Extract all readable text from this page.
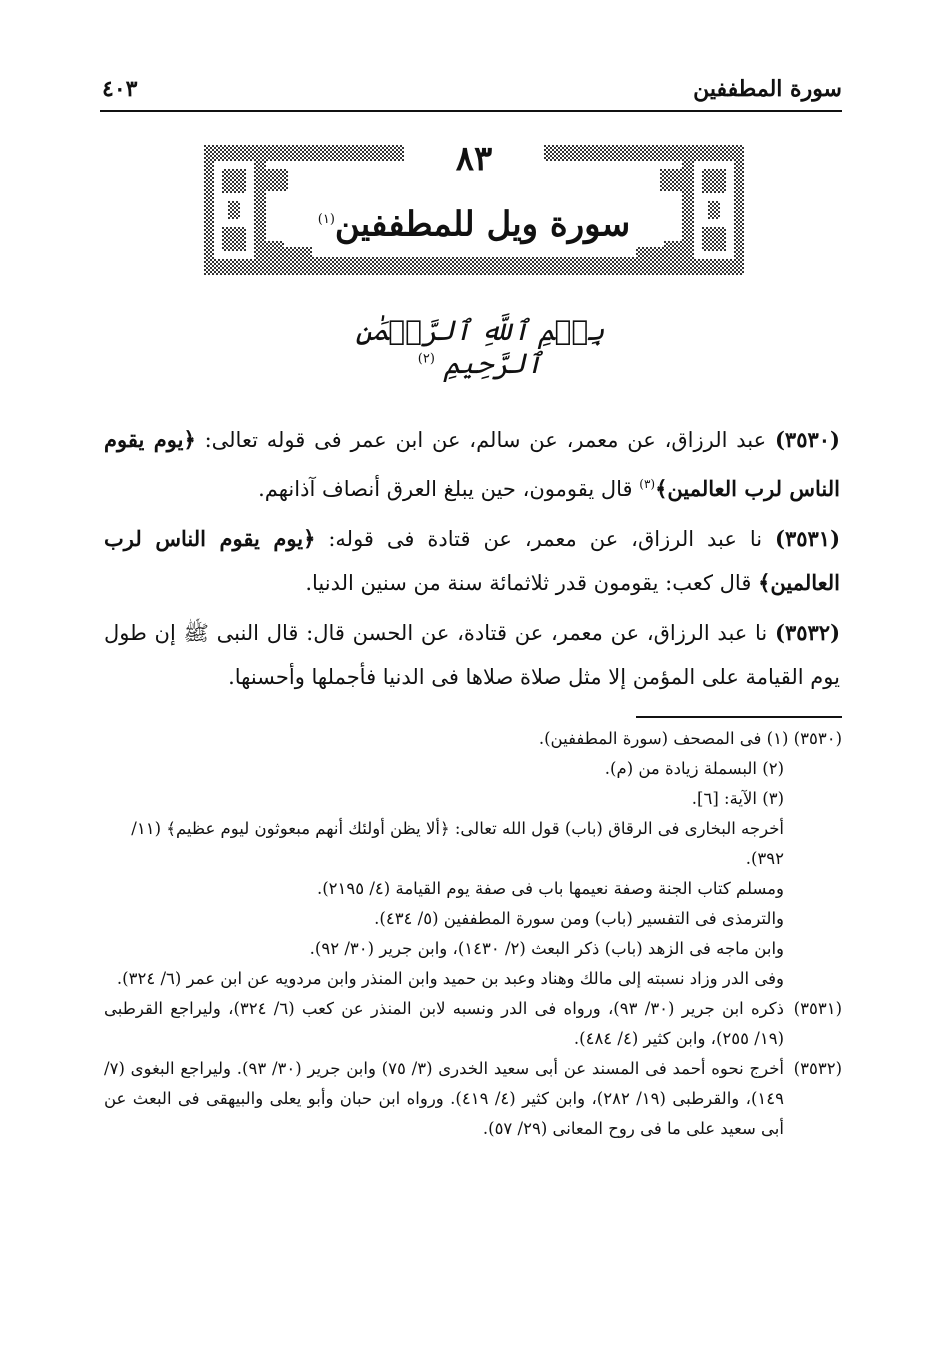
سورة المطففين
٤٠٣
٨٣
سورة ويل للمطففين$^{(١)}$
بِسۡمِ ٱللَّهِ ٱلرَّحۡمَٰنِ ٱلرَّحِيمِ $^{(٢)}$

(٣٥٣٠) عبد الرزاق، عن معمر، عن سالم، عن ابن عمر فى قوله تعالى: ﴿يوم يقوم الناس لرب العالمين﴾$^{(٣)}$ قال يقومون، حين يبلغ العرق أنصاف آذانهم.

(٣٥٣١) نا عبد الرزاق، عن معمر، عن قتادة فى قوله: ﴿يوم يقوم الناس لرب العالمين﴾ قال كعب: يقومون قدر ثلاثمائة سنة من سنين الدنيا.

(٣٥٣٢) نا عبد الرزاق، عن معمر، عن قتادة، عن الحسن قال: قال النبى ﷺ إن طول يوم القيامة على المؤمن إلا مثل صلاة صلاها فى الدنيا فأجملها وأحسنها.

(٣٥٣٠) (١) فى المصحف (سورة المطففين).

(٢) البسملة زيادة من (م).

(٣) الآية: [٦].

أخرجه البخارى فى الرقاق (باب) قول الله تعالى: ﴿ألا يظن أولئك أنهم مبعوثون ليوم عظيم﴾ (١١/ ٣٩٢).

ومسلم كتاب الجنة وصفة نعيمها باب فى صفة يوم القيامة (٤/ ٢١٩٥).

والترمذى فى التفسير (باب) ومن سورة المطففين (٥/ ٤٣٤).

وابن ماجه فى الزهد (باب) ذكر البعث (٢/ ١٤٣٠)، وابن جرير (٣٠/ ٩٢).

وفى الدر وزاد نسبته إلى مالك وهناد وعبد بن حميد وابن المنذر وابن مردويه عن ابن عمر (٦/ ٣٢٤).

(٣٥٣١)
ذكره ابن جرير (٣٠/ ٩٣)، ورواه فى الدر ونسبه لابن المنذر عن كعب (٦/ ٣٢٤)، وليراجع القرطبى (١٩/ ٢٥٥)، وابن كثير (٤/ ٤٨٤).
(٣٥٣٢)
أخرج نحوه أحمد فى المسند عن أبى سعيد الخدرى (٣/ ٧٥) وابن جرير (٣٠/ ٩٣). وليراجع البغوى (٧/ ١٤٩)، والقرطبى (١٩/ ٢٨٢)، وابن كثير (٤/ ٤١٩). ورواه ابن حبان وأبو يعلى والبيهقى فى البعث عن أبى سعيد على ما فى روح المعانى (٢٩/ ٥٧).
